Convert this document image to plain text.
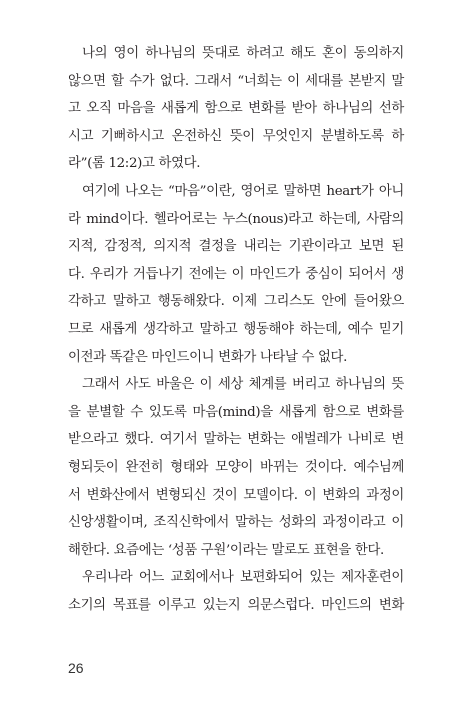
나의 영이 하나님의 뜻대로 하려고 해도 혼이 동의하지
않으면 할 수가 없다. 그래서 “너희는 이 세대를 본받지 말
고 오직 마음을 새롭게 함으로 변화를 받아 하나님의 선하
시고 기뻐하시고 온전하신 뜻이 무엇인지 분별하도록 하
라”(롬 12:2)고 하였다.
여기에 나오는 “마음”이란, 영어로 말하면 heart가 아니
라 mind이다. 헬라어로는 누스(nous)라고 하는데, 사람의
지적, 감정적, 의지적 결정을 내리는 기관이라고 보면 된
다. 우리가 거듭나기 전에는 이 마인드가 중심이 되어서 생
각하고 말하고 행동해왔다. 이제 그리스도 안에 들어왔으
므로 새롭게 생각하고 말하고 행동해야 하는데, 예수 믿기
이전과 똑같은 마인드이니 변화가 나타날 수 없다.
그래서 사도 바울은 이 세상 체계를 버리고 하나님의 뜻
을 분별할 수 있도록 마음(mind)을 새롭게 함으로 변화를
받으라고 했다. 여기서 말하는 변화는 애벌레가 나비로 변
형되듯이 완전히 형태와 모양이 바뀌는 것이다. 예수님께
서 변화산에서 변형되신 것이 모델이다. 이 변화의 과정이
신앙생활이며, 조직신학에서 말하는 성화의 과정이라고 이
해한다. 요즘에는 ‘성품 구원’이라는 말로도 표현을 한다.
우리나라 어느 교회에서나 보편화되어 있는 제자훈련이
소기의 목표를 이루고 있는지 의문스럽다. 마인드의 변화
26
